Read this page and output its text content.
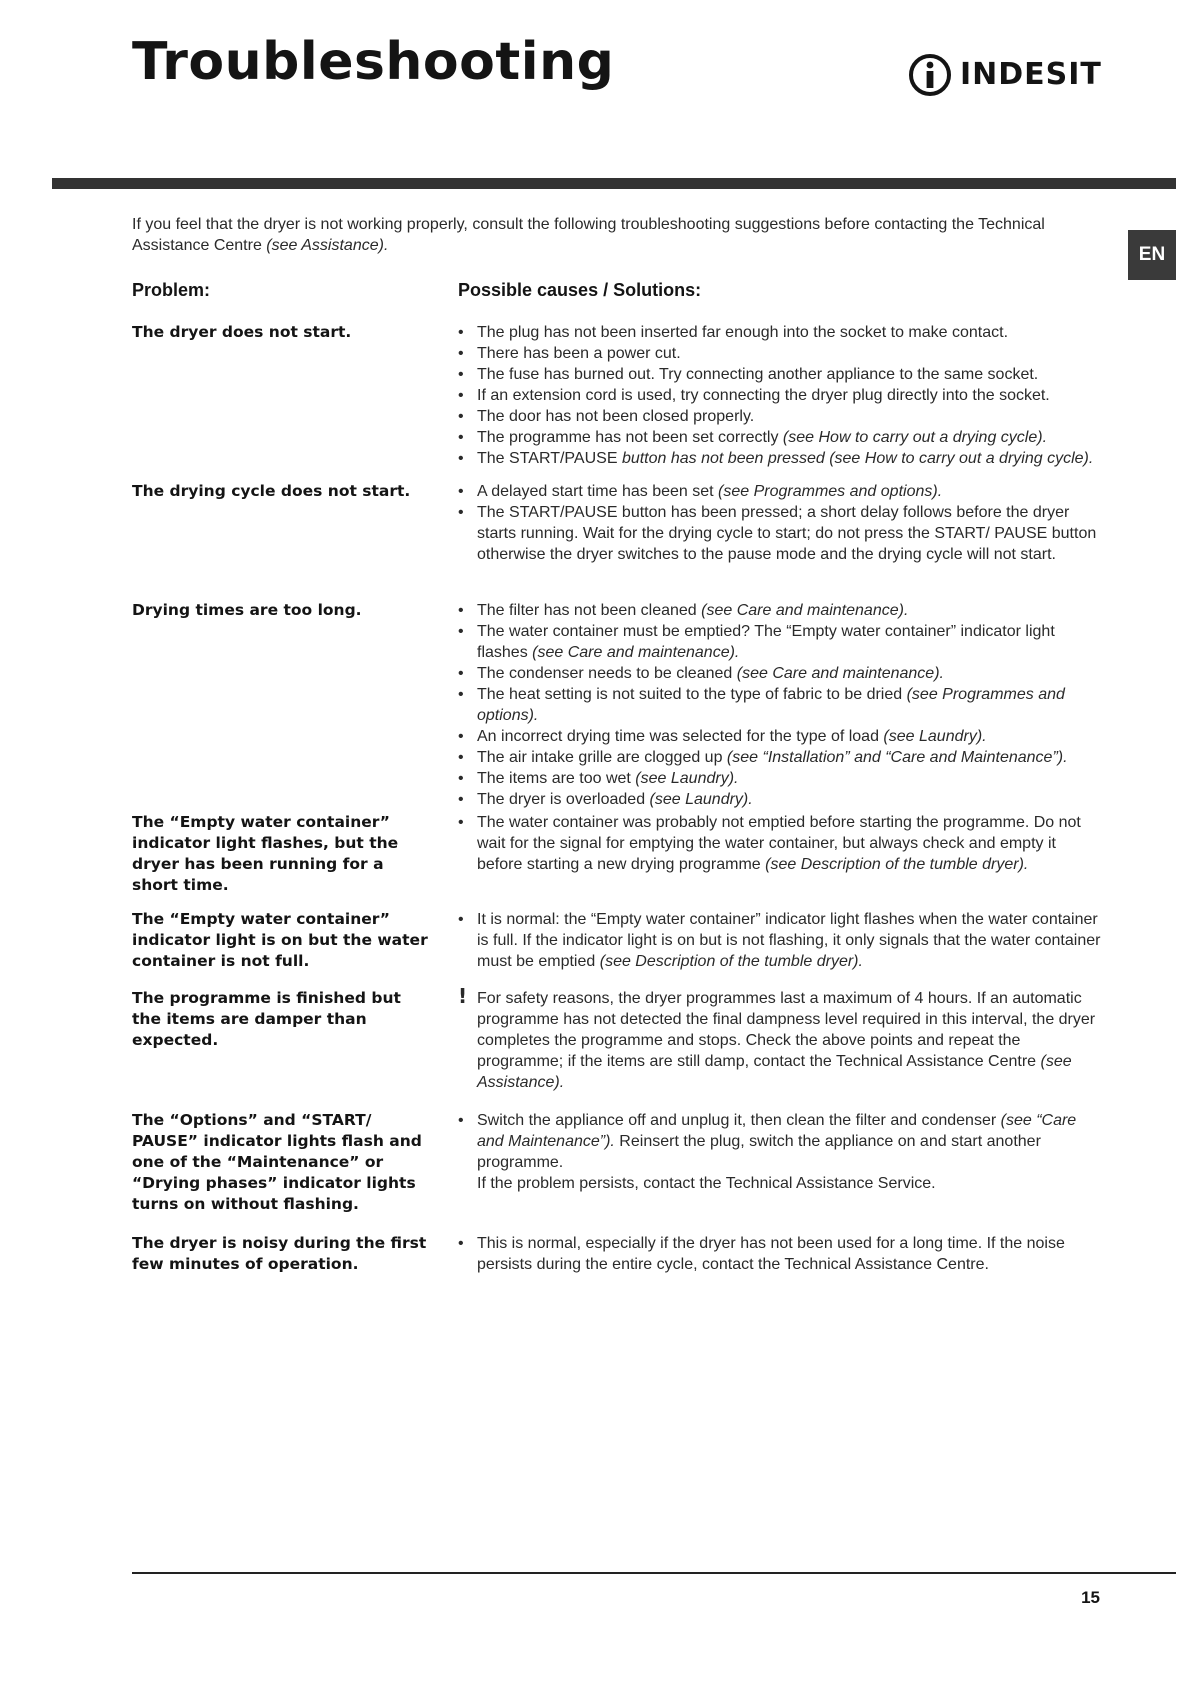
Troubleshooting	INDESIT
EN

If you feel that the dryer is not working properly, consult the following troubleshooting suggestions before contacting the Technical Assistance Centre (see Assistance).

Problem:	Possible causes / Solutions:

The dryer does not start.	• The plug has not been inserted far enough into the socket to make contact.
• There has been a power cut.
• The fuse has burned out. Try connecting another appliance to the same socket.
• If an extension cord is used, try connecting the dryer plug directly into the socket.
• The door has not been closed properly.
• The programme has not been set correctly (see How to carry out a drying cycle).
• The START/PAUSE button has not been pressed (see How to carry out a drying cycle).

The drying cycle does not start.	• A delayed start time has been set (see Programmes and options).
• The START/PAUSE button has been pressed; a short delay follows before the dryer starts running. Wait for the drying cycle to start; do not press the START/ PAUSE button otherwise the dryer switches to the pause mode and the drying cycle will not start.

Drying times are too long.	• The filter has not been cleaned (see Care and maintenance).
• The water container must be emptied? The “Empty water container” indicator light flashes (see Care and maintenance).
• The condenser needs to be cleaned (see Care and maintenance).
• The heat setting is not suited to the type of fabric to be dried (see Programmes and options).
• An incorrect drying time was selected for the type of load (see Laundry).
• The air intake grille are clogged up (see “Installation” and “Care and Maintenance”).
• The items are too wet (see Laundry).
• The dryer is overloaded (see Laundry).

The “Empty water container” indicator light flashes, but the dryer has been running for a short time.

• The water container was probably not emptied before starting the programme. Do not wait for the signal for emptying the water container, but always check and empty it before starting a new drying programme (see Description of the tumble dryer).

The “Empty water container” indicator light is on but the water container is not full.

• It is normal: the “Empty water container” indicator light flashes when the water container is full. If the indicator light is on but is not flashing, it only signals that the water container must be emptied (see Description of the tumble dryer).

The programme is finished but the items are damper than expected.

! For safety reasons, the dryer programmes last a maximum of 4 hours. If an automatic programme has not detected the final dampness level required in this interval, the dryer completes the programme and stops. Check the above points and repeat the programme; if the items are still damp, contact the Technical Assistance Centre (see Assistance).

The “Options” and “START/ PAUSE” indicator lights flash and one of the “Maintenance” or “Drying phases” indicator lights turns on without flashing.

• Switch the appliance off and unplug it, then clean the filter and condenser (see “Care and Maintenance”). Reinsert the plug, switch the appliance on and start another programme.
If the problem persists, contact the Technical Assistance Service.

The dryer is noisy during the first few minutes of operation.

• This is normal, especially if the dryer has not been used for a long time. If the noise persists during the entire cycle, contact the Technical Assistance Centre.
15
